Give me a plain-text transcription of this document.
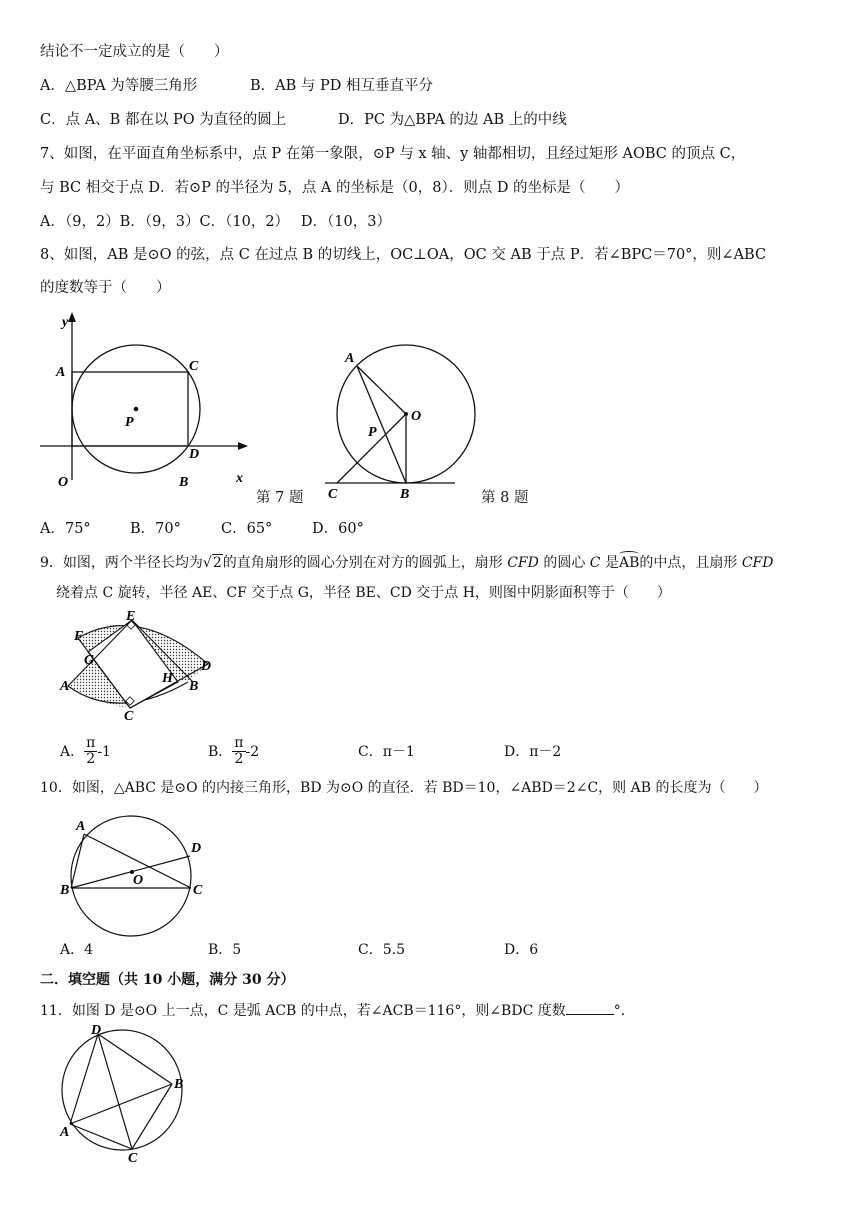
结论不一定成立的是（　　）
A．△BPA 为等腰三角形	B．AB 与 PD 相互垂直平分
C．点 A、B 都在以 PO 为直径的圆上	D．PC 为△BPA 的边 AB 上的中线
7、如图，在平面直角坐标系中，点 P 在第一象限，⊙P 与 x 轴、y 轴都相切，且经过矩形 AOBC 的顶点 C，
与 BC 相交于点 D．若⊙P 的半径为 5，点 A 的坐标是（0，8）．则点 D 的坐标是（　　）
A．（9，2）B．（9，3）C．（10，2）　 D．（10，3）
8、如图，AB 是⊙O 的弦，点 C 在过点 B 的切线上，OC⊥OA，OC 交 AB 于点 P．若∠BPC＝70°，则∠ABC
的度数等于（　　）
y
x
A	C
P
D
O	B
第 7 题
A
O
P
C	B	第 8 题
A．75°	B．70°	C．65°	D．60°
9．如图，两个半径长均为√2的直角扇形的圆心分别在对方的圆弧上，扇形 CFD 的圆心 C 是AB的中点，且扇形 CFD
绕着点 C 旋转，半径 AE、CF 交于点 G，半径 BE、CD 交于点 H，则图中阴影面积等于（　　）
E
F
G	D
H
B
A
C
A． $\frac{\pi}{2}-1$	B． $\frac{\pi}{2}-2$	C．π－1	D．π－2
10．如图，△ABC 是⊙O 的内接三角形，BD 为⊙O 的直径．若 BD＝10，∠ABD＝2∠C，则 AB 的长度为（　　）
A
D
O
B	C
A．4	B．5	C．5.5	D．6
二．填空题（共 10 小题，满分 30 分）
11．如图 D 是⊙O 上一点，C 是弧 ACB 的中点，若∠ACB＝116°，则∠BDC 度数	°．
D
B
A
C
